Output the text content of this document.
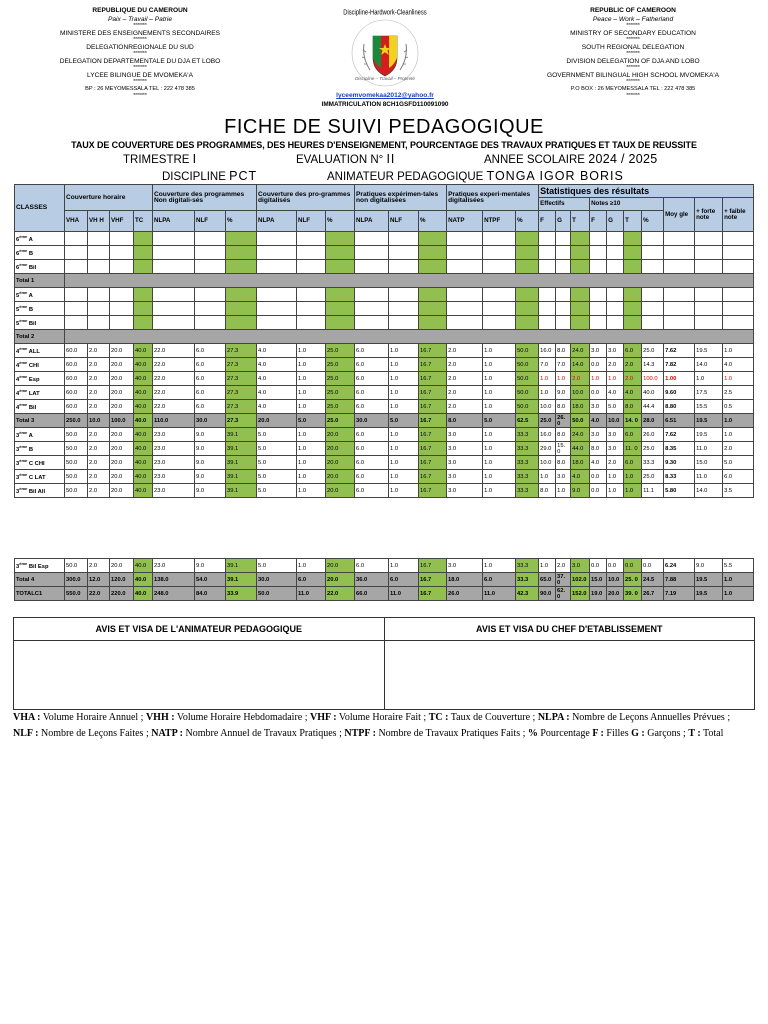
REPUBLIQUE DU CAMEROUN
Paix – Travail – Patrie
*******
MINISTERE DES ENSEIGNEMENTS SECONDAIRES
*******
DELEGATIONREGIONALE DU SUD
*******
DELEGATION DEPARTEMENTALE DU DJA ET LOBO
*******
LYCEE BILINGUE DE MVOMEKA'A
*******
BP : 26 MEYOMESSALA TEL : 222 478 385
*******
Discipline-Hardwork-Cleanliness
Discipline – Travail – Propreté
lyceemvomekaa2012@yahoo.fr
IMMATRICULATION 8CH1GSFD110091090
REPUBLIC OF CAMEROON
Peace – Work – Fatherland
*******
MINISTRY OF SECONDARY EDUCATION
*******
SOUTH REGIONAL DELEGATION
*******
DIVISION DELEGATION OF DJA AND LOBO
*******
GOVERNMENT BILINGUAL HIGH SCHOOL MVOMEKA'A
*******
P.O BOX : 26 MEYOMESSALA TEL : 222 478 385
*******
FICHE DE SUIVI PEDAGOGIQUE
TAUX DE COUVERTURE DES PROGRAMMES, DES HEURES D'ENSEIGNEMENT, POURCENTAGE DES TRAVAUX PRATIQUES ET TAUX DE REUSSITE
TRIMESTRE I	EVALUATION N° II	ANNEE SCOLAIRE 2024 / 2025
DISCIPLINE PCT	ANIMATEUR PEDAGOGIQUE TONGA IGOR BORIS
CLASSES	Couverture horaire				Couverture des programmes Non digitali-sés			Couverture des pro-grammes digitalisés			Pratiques expérimen-tales non digitalisées			Pratiques experi-mentales digitalisées			Statistiques des résultats									
																	Effectifs			Notes ≥10				Moy gle	+ forte note	+ faible note
	VHA	VH H	VHF	TC	NLPA	NLF	%	NLPA	NLF	%	NLPA	NLF	%	NATP	NTPF	%	F	G	T	F	G	T	%			
6ème A																										
6ème B																										
6ème Bil																										
Total 1																										
5ème A																										
5ème B																										
5ème Bil																										
Total 2																										
4ème ALL	60.0	2.0	20.0	40.0	22.0	6.0	27.3	4.0	1.0	25.0	6.0	1.0	16.7	2.0	1.0	50.0	16.0	8.0	24.0	3.0	3.0	6.0	25.0	7.62	19.5	1.0
4ème CHI	60.0	2.0	20.0	40.0	22.0	6.0	27.3	4.0	1.0	25.0	6.0	1.0	16.7	2.0	1.0	50.0	7.0	7.0	14.0	0.0	2.0	2.0	14.3	7.82	14.0	4.0
4ème Esp	60.0	2.0	20.0	40.0	22.0	6.0	27.3	4.0	1.0	25.0	6.0	1.0	16.7	2.0	1.0	50.0	1.0	1.0	2.0	1.0	1.0	2.0	100.0	1.00	1.0	1.0
4ème LAT	60.0	2.0	20.0	40.0	22.0	6.0	27.3	4.0	1.0	25.0	6.0	1.0	16.7	2.0	1.0	50.0	1.0	9.0	10.0	0.0	4.0	4.0	40.0	9.60	17.5	2.5
4ème Bil	60.0	2.0	20.0	40.0	22.0	6.0	27.3	4.0	1.0	25.0	6.0	1.0	16.7	2.0	1.0	50.0	10.0	8.0	18.0	3.0	5.0	8.0	44.4	8.80	15.5	0.5
Total 3	250.0	10.0	100.0	40.0	110.0	30.0	27.3	20.0	5.0	25.0	30.0	5.0	16.7	8.0	5.0	62.5	25.0	26. 0	50.0	4.0	10.0	14. 0	28.0	6.51	19.5	1.0
3ème A	50.0	2.0	20.0	40.0	23.0	9.0	39.1	5.0	1.0	20.0	6.0	1.0	16.7	3.0	1.0	33.3	16.0	8.0	24.0	3.0	3.0	6.0	26.0	7.62	19.5	1.0
3ème B	50.0	2.0	20.0	40.0	23.0	9.0	39.1	5.0	1.0	20.0	6.0	1.0	16.7	3.0	1.0	33.3	29.0	15. 0	44.0	8.0	3.0	11. 0	25.0	8.35	11.0	2.0
3ème C CHI	50.0	2.0	20.0	40.0	23.0	9.0	39.1	5.0	1.0	20.0	6.0	1.0	16.7	3.0	1.0	33.3	10.0	8.0	18.0	4.0	2.0	6.0	33.3	9.30	15.0	5.0
3ème C LAT	50.0	2.0	20.0	40.0	23.0	9.0	39.1	5.0	1.0	20.0	6.0	1.0	16.7	3.0	1.0	33.3	1.0	3.0	4.0	0.0	1.0	1.0	25.0	8.33	11.0	6.0
3ème Bil All	50.0	2.0	20.0	40.0	23.0	9.0	39.1	5.0	1.0	20.0	6.0	1.0	16.7	3.0	1.0	33.3	8.0	1.0	9.0	0.0	1.0	1.0	11.1	5.80	14.0	3.5
3ème Bil Esp	50.0	2.0	20.0	40.0	23.0	9.0	39.1	5.0	1.0	20.0	6.0	1.0	16.7	3.0	1.0	33.3	1.0	2.0	3.0	0.0	0.0	0.0	0.0	6.24	9.0	5.5
Total 4	300.0	12.0	120.0	40.0	138.0	54.0	39.1	30.0	6.0	20.0	36.0	6.0	16.7	18.0	6.0	33.3	65.0	37. 0	102.0	15.0	10.0	25. 0	24.5	7.88	19.5	1.0
TOTALC1	550.0	22.0	220.0	40.0	248.0	84.0	33.9	50.0	11.0	22.0	66.0	11.0	16.7	26.0	11.0	42.3	90.0	62. 0	152.0	19.0	20.0	39. 0	26.7	7.19	19.5	1.0
AVIS ET VISA DE L'ANIMATEUR PEDAGOGIQUE	AVIS ET VISA DU CHEF D'ETABLISSEMENT

VHA : Volume Horaire Annuel ; VHH : Volume Horaire Hebdomadaire ; VHF : Volume Horaire Fait ; TC : Taux de Couverture ; NLPA : Nombre de Leçons Annuelles Prévues ;
NLF : Nombre de Leçons Faites ; NATP : Nombre Annuel de Travaux Pratiques ; NTPF : Nombre de Travaux Pratiques Faits ; % Pourcentage F : Filles G : Garçons ; T : Total
